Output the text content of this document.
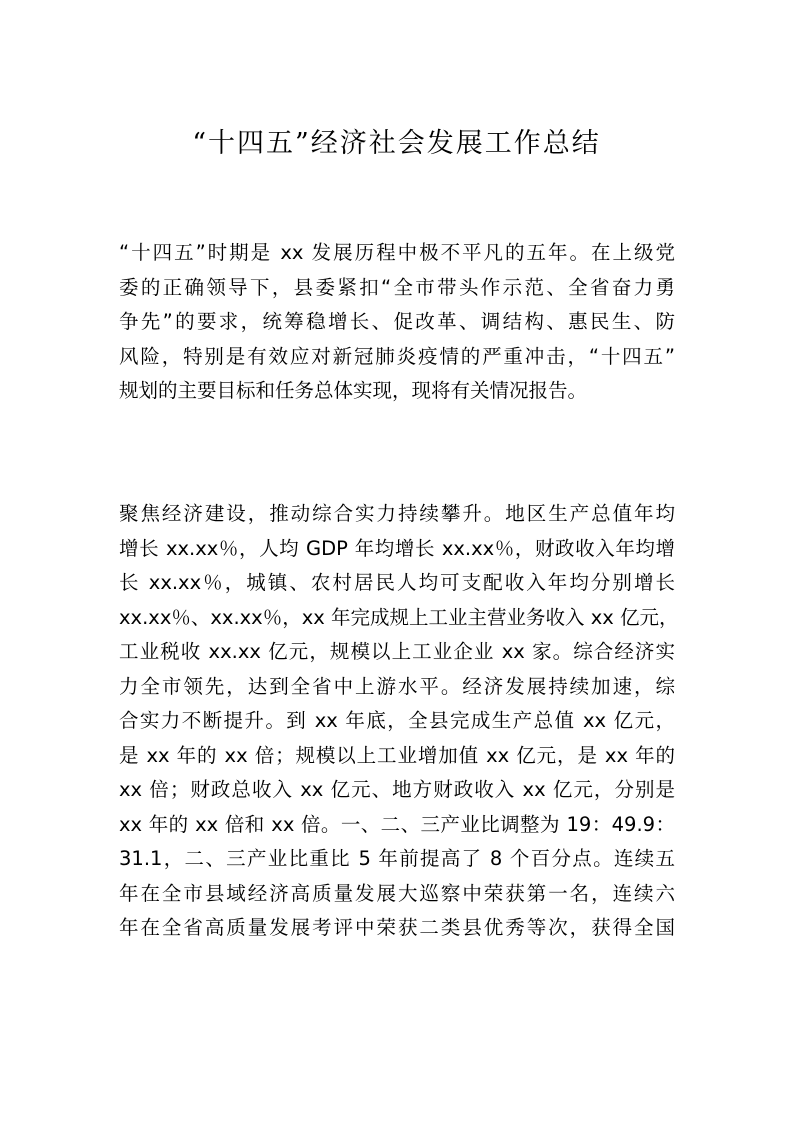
“十四五”经济社会发展工作总结
“十四五”时期是 xx 发展历程中极不平凡的五年。在上级党
委的正确领导下，县委紧扣“全市带头作示范、全省奋力勇
争先”的要求，统筹稳增长、促改革、调结构、惠民生、防
风险，特别是有效应对新冠肺炎疫情的严重冲击，“十四五”
规划的主要目标和任务总体实现，现将有关情况报告。
聚焦经济建设，推动综合实力持续攀升。地区生产总值年均
增长 xx.xx％，人均 GDP 年均增长 xx.xx％，财政收入年均增
长 xx.xx％，城镇、农村居民人均可支配收入年均分别增长
xx.xx％、xx.xx％，xx 年完成规上工业主营业务收入 xx 亿元，
工业税收 xx.xx 亿元，规模以上工业企业 xx 家。综合经济实
力全市领先，达到全省中上游水平。经济发展持续加速，综
合实力不断提升。到 xx 年底，全县完成生产总值 xx 亿元，
是 xx 年的 xx 倍；规模以上工业增加值 xx 亿元，是 xx 年的
xx 倍；财政总收入 xx 亿元、地方财政收入 xx 亿元，分别是
xx 年的 xx 倍和 xx 倍。一、二、三产业比调整为 19：49.9：
31.1，二、三产业比重比 5 年前提高了 8 个百分点。连续五
年在全市县域经济高质量发展大巡察中荣获第一名，连续六
年在全省高质量发展考评中荣获二类县优秀等次，获得全国
